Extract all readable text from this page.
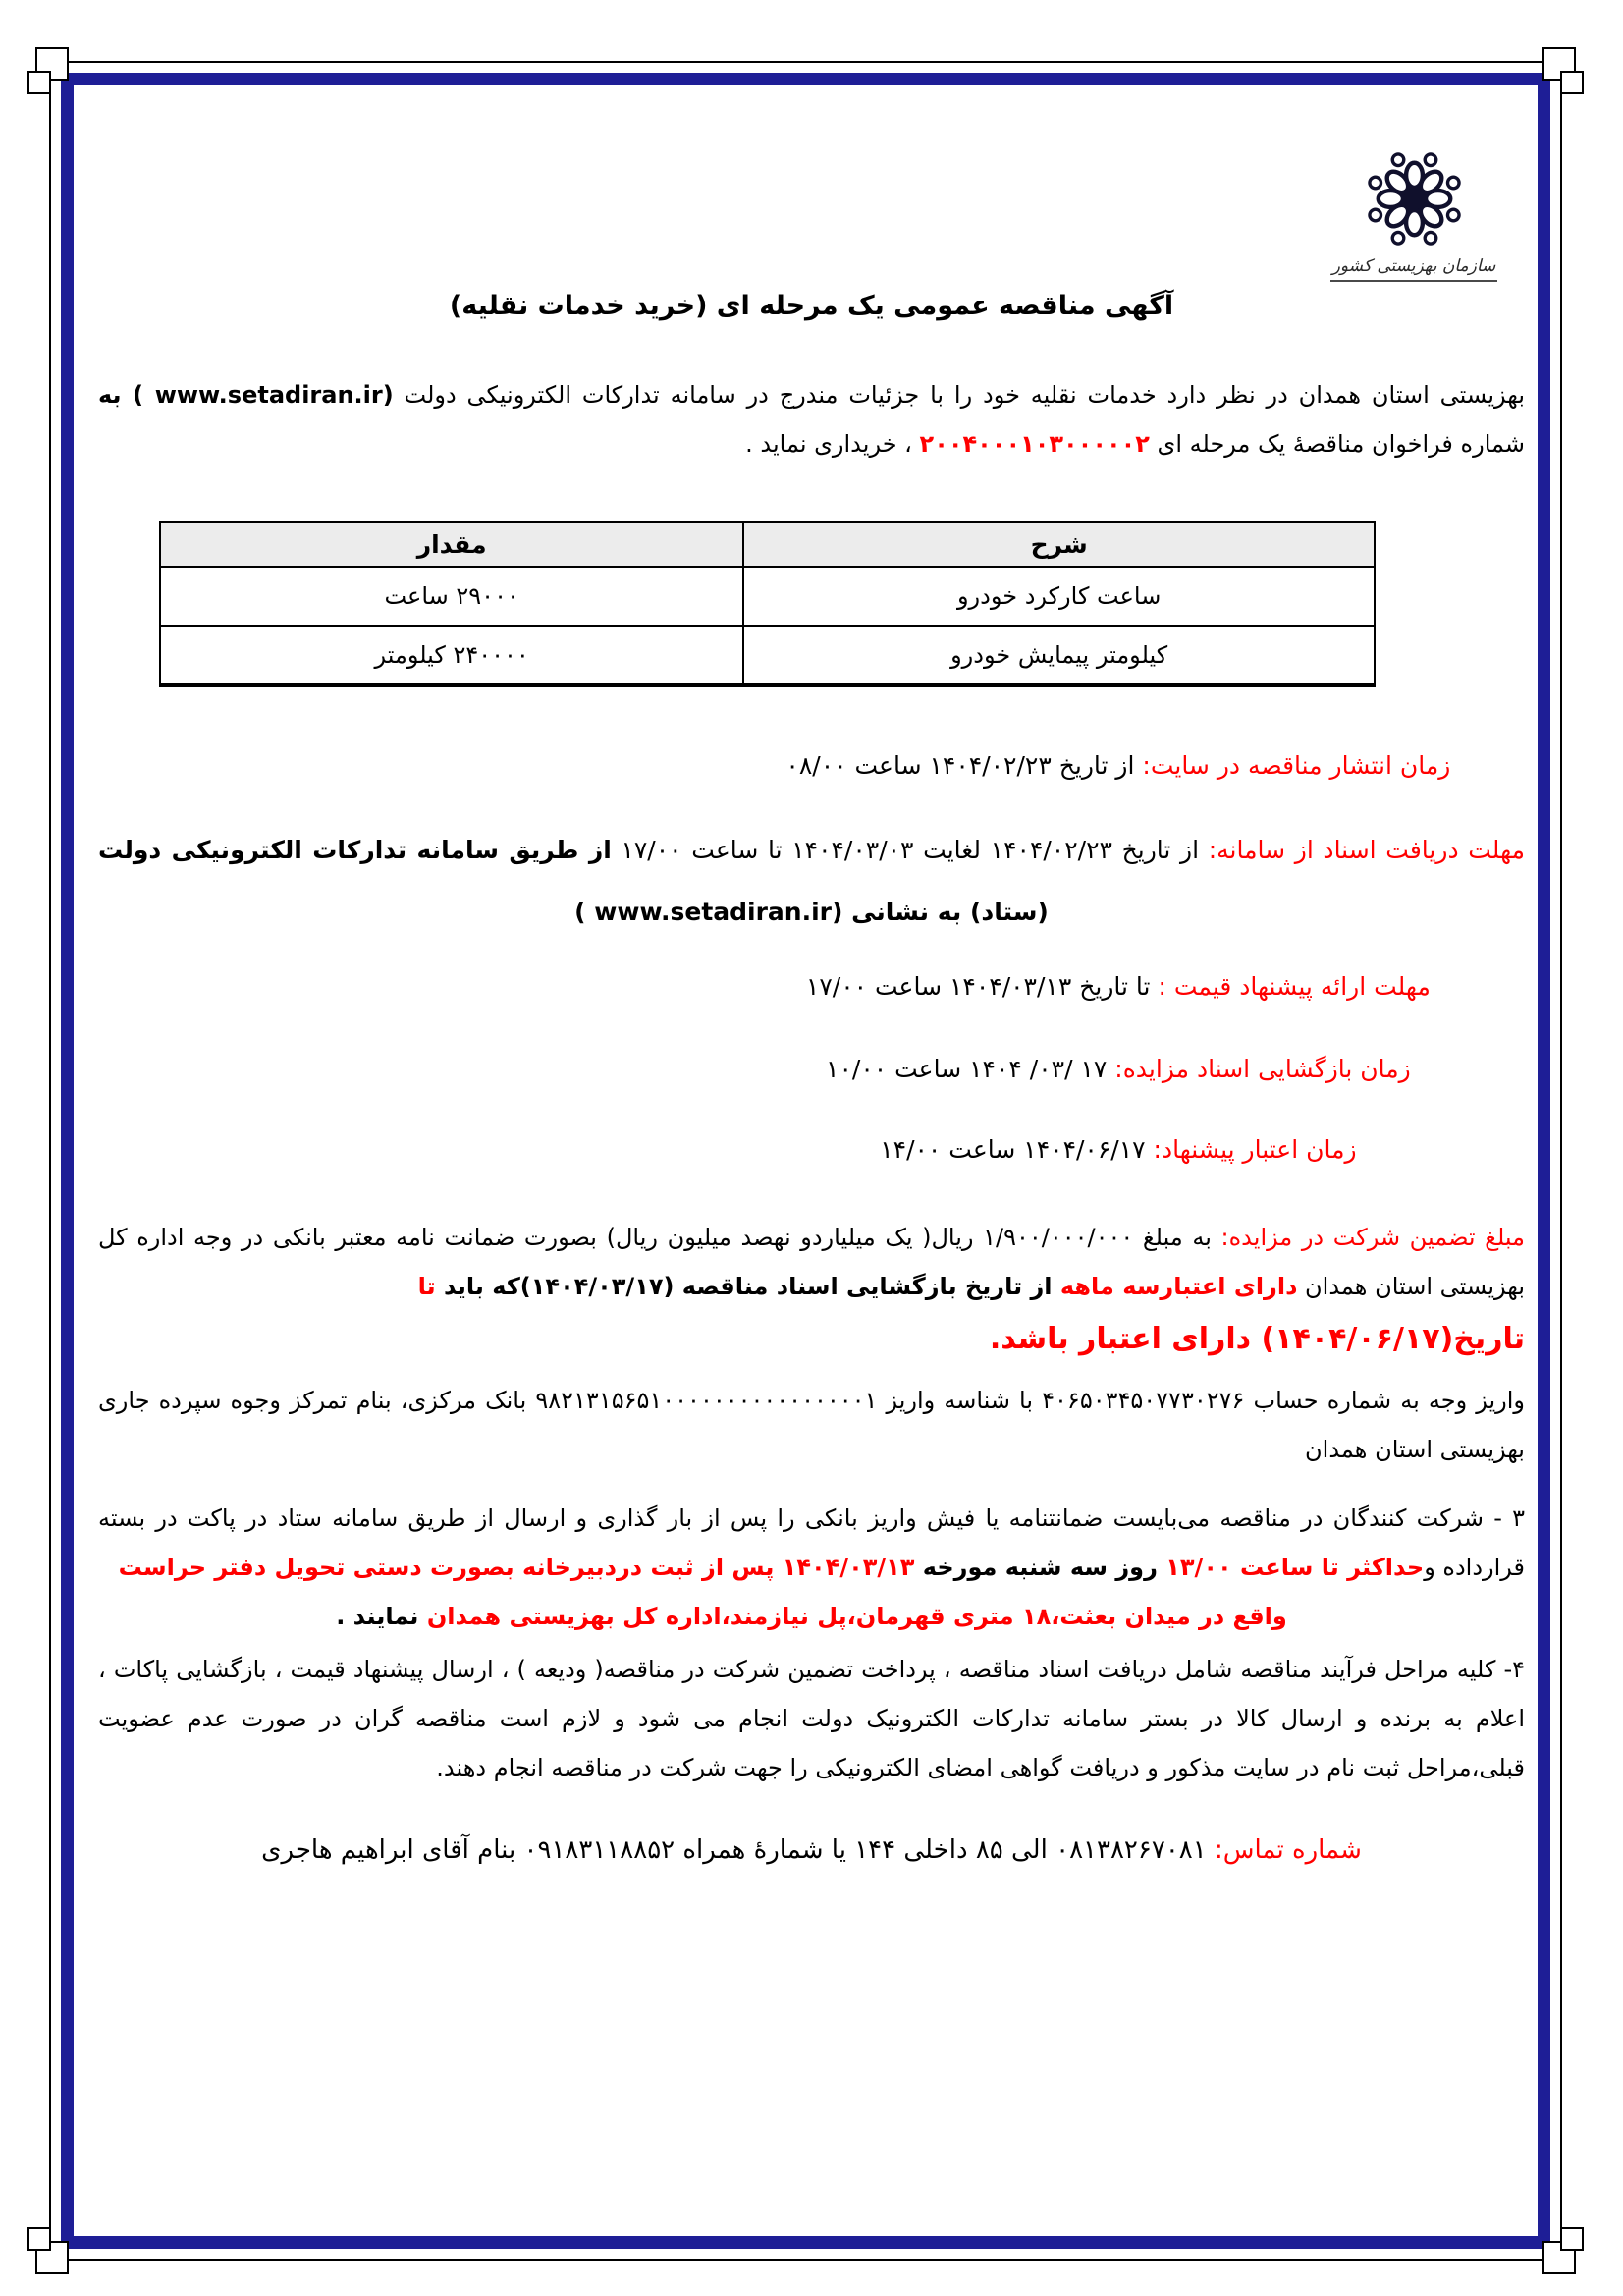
سازمان بهزیستی کشور
آگهی مناقصه عمومی یک مرحله ای (خرید خدمات نقلیه)

بهزیستی استان همدان در نظر دارد خدمات نقلیه خود را با جزئیات مندرج در سامانه تدارکات الکترونیکی دولت (www.setadiran.ir ) به شماره فراخوان مناقصهٔ یک مرحله ای ۲۰۰۴۰۰۰۱۰۳۰۰۰۰۰۲ ، خریداری نماید .

شرح	مقدار
ساعت کارکرد خودرو	۲۹۰۰۰ ساعت
کیلومتر پیمایش خودرو	۲۴۰۰۰۰ کیلومتر
زمان انتشار مناقصه در سایت: از تاریخ ۱۴۰۴/۰۲/۲۳ ساعت ۰۸/۰۰
مهلت دریافت اسناد از سامانه: از تاریخ ۱۴۰۴/۰۲/۲۳ لغایت ۱۴۰۴/۰۳/۰۳ تا ساعت ۱۷/۰۰ از طریق سامانه تدارکات الکترونیکی دولت
(ستاد) به نشانی (www.setadiran.ir )
مهلت ارائه پیشنهاد قیمت : تا تاریخ ۱۴۰۴/۰۳/۱۳ ساعت ۱۷/۰۰
زمان بازگشایی اسناد مزایده: ۱۷ /۰۳/ ۱۴۰۴ ساعت ۱۰/۰۰
زمان اعتبار پیشنهاد: ۱۴۰۴/۰۶/۱۷ ساعت ۱۴/۰۰

مبلغ تضمین شرکت در مزایده: به مبلغ ۱/۹۰۰/۰۰۰/۰۰۰ ریال( یک میلیاردو نهصد میلیون ریال) بصورت ضمانت نامه معتبر بانکی در وجه اداره کل بهزیستی استان همدان دارای اعتبارسه ماهه از تاریخ بازگشایی اسناد مناقصه (۱۴۰۴/۰۳/۱۷)که باید تا

تاریخ(۱۴۰۴/۰۶/۱۷) دارای اعتبار باشد.

واریز وجه به شماره حساب ۴۰۶۵۰۳۴۵۰۷۷۳۰۲۷۶ با شناسه واریز ۹۸۲۱۳۱۵۶۵۱۰۰۰۰۰۰۰۰۰۰۰۰۰۰۰۰۱ بانک مرکزی، بنام تمرکز وجوه سپرده جاری بهزیستی استان همدان

۳ - شرکت کنندگان در مناقصه می‌بایست ضمانتنامه یا فیش واریز بانکی را پس از بار گذاری و ارسال از طریق سامانه ستاد در پاکت در بسته قرارداده وحداکثر تا ساعت ۱۳/۰۰ روز سه شنبه مورخه ۱۴۰۴/۰۳/۱۳ پس از ثبت دردبیرخانه بصورت دستی تحویل دفتر حراست

واقع در میدان بعثت،۱۸ متری قهرمان،پل نیازمند،اداره کل بهزیستی همدان نمایند .

۴- کلیه مراحل فرآیند مناقصه شامل دریافت اسناد مناقصه ، پرداخت تضمین شرکت در مناقصه( ودیعه ) ، ارسال پیشنهاد قیمت ، بازگشایی پاکات ، اعلام به برنده و ارسال کالا در بستر سامانه تدارکات الکترونیک دولت انجام می شود و لازم است مناقصه گران در صورت عدم عضویت قبلی،مراحل ثبت نام در سایت مذکور و دریافت گواهی امضای الکترونیکی را جهت شرکت در مناقصه انجام دهند.

شماره تماس: ۰۸۱۳۸۲۶۷۰۸۱ الی ۸۵ داخلی ۱۴۴ یا شمارۀ همراه ۰۹۱۸۳۱۱۸۸۵۲ بنام آقای ابراهیم هاجری
